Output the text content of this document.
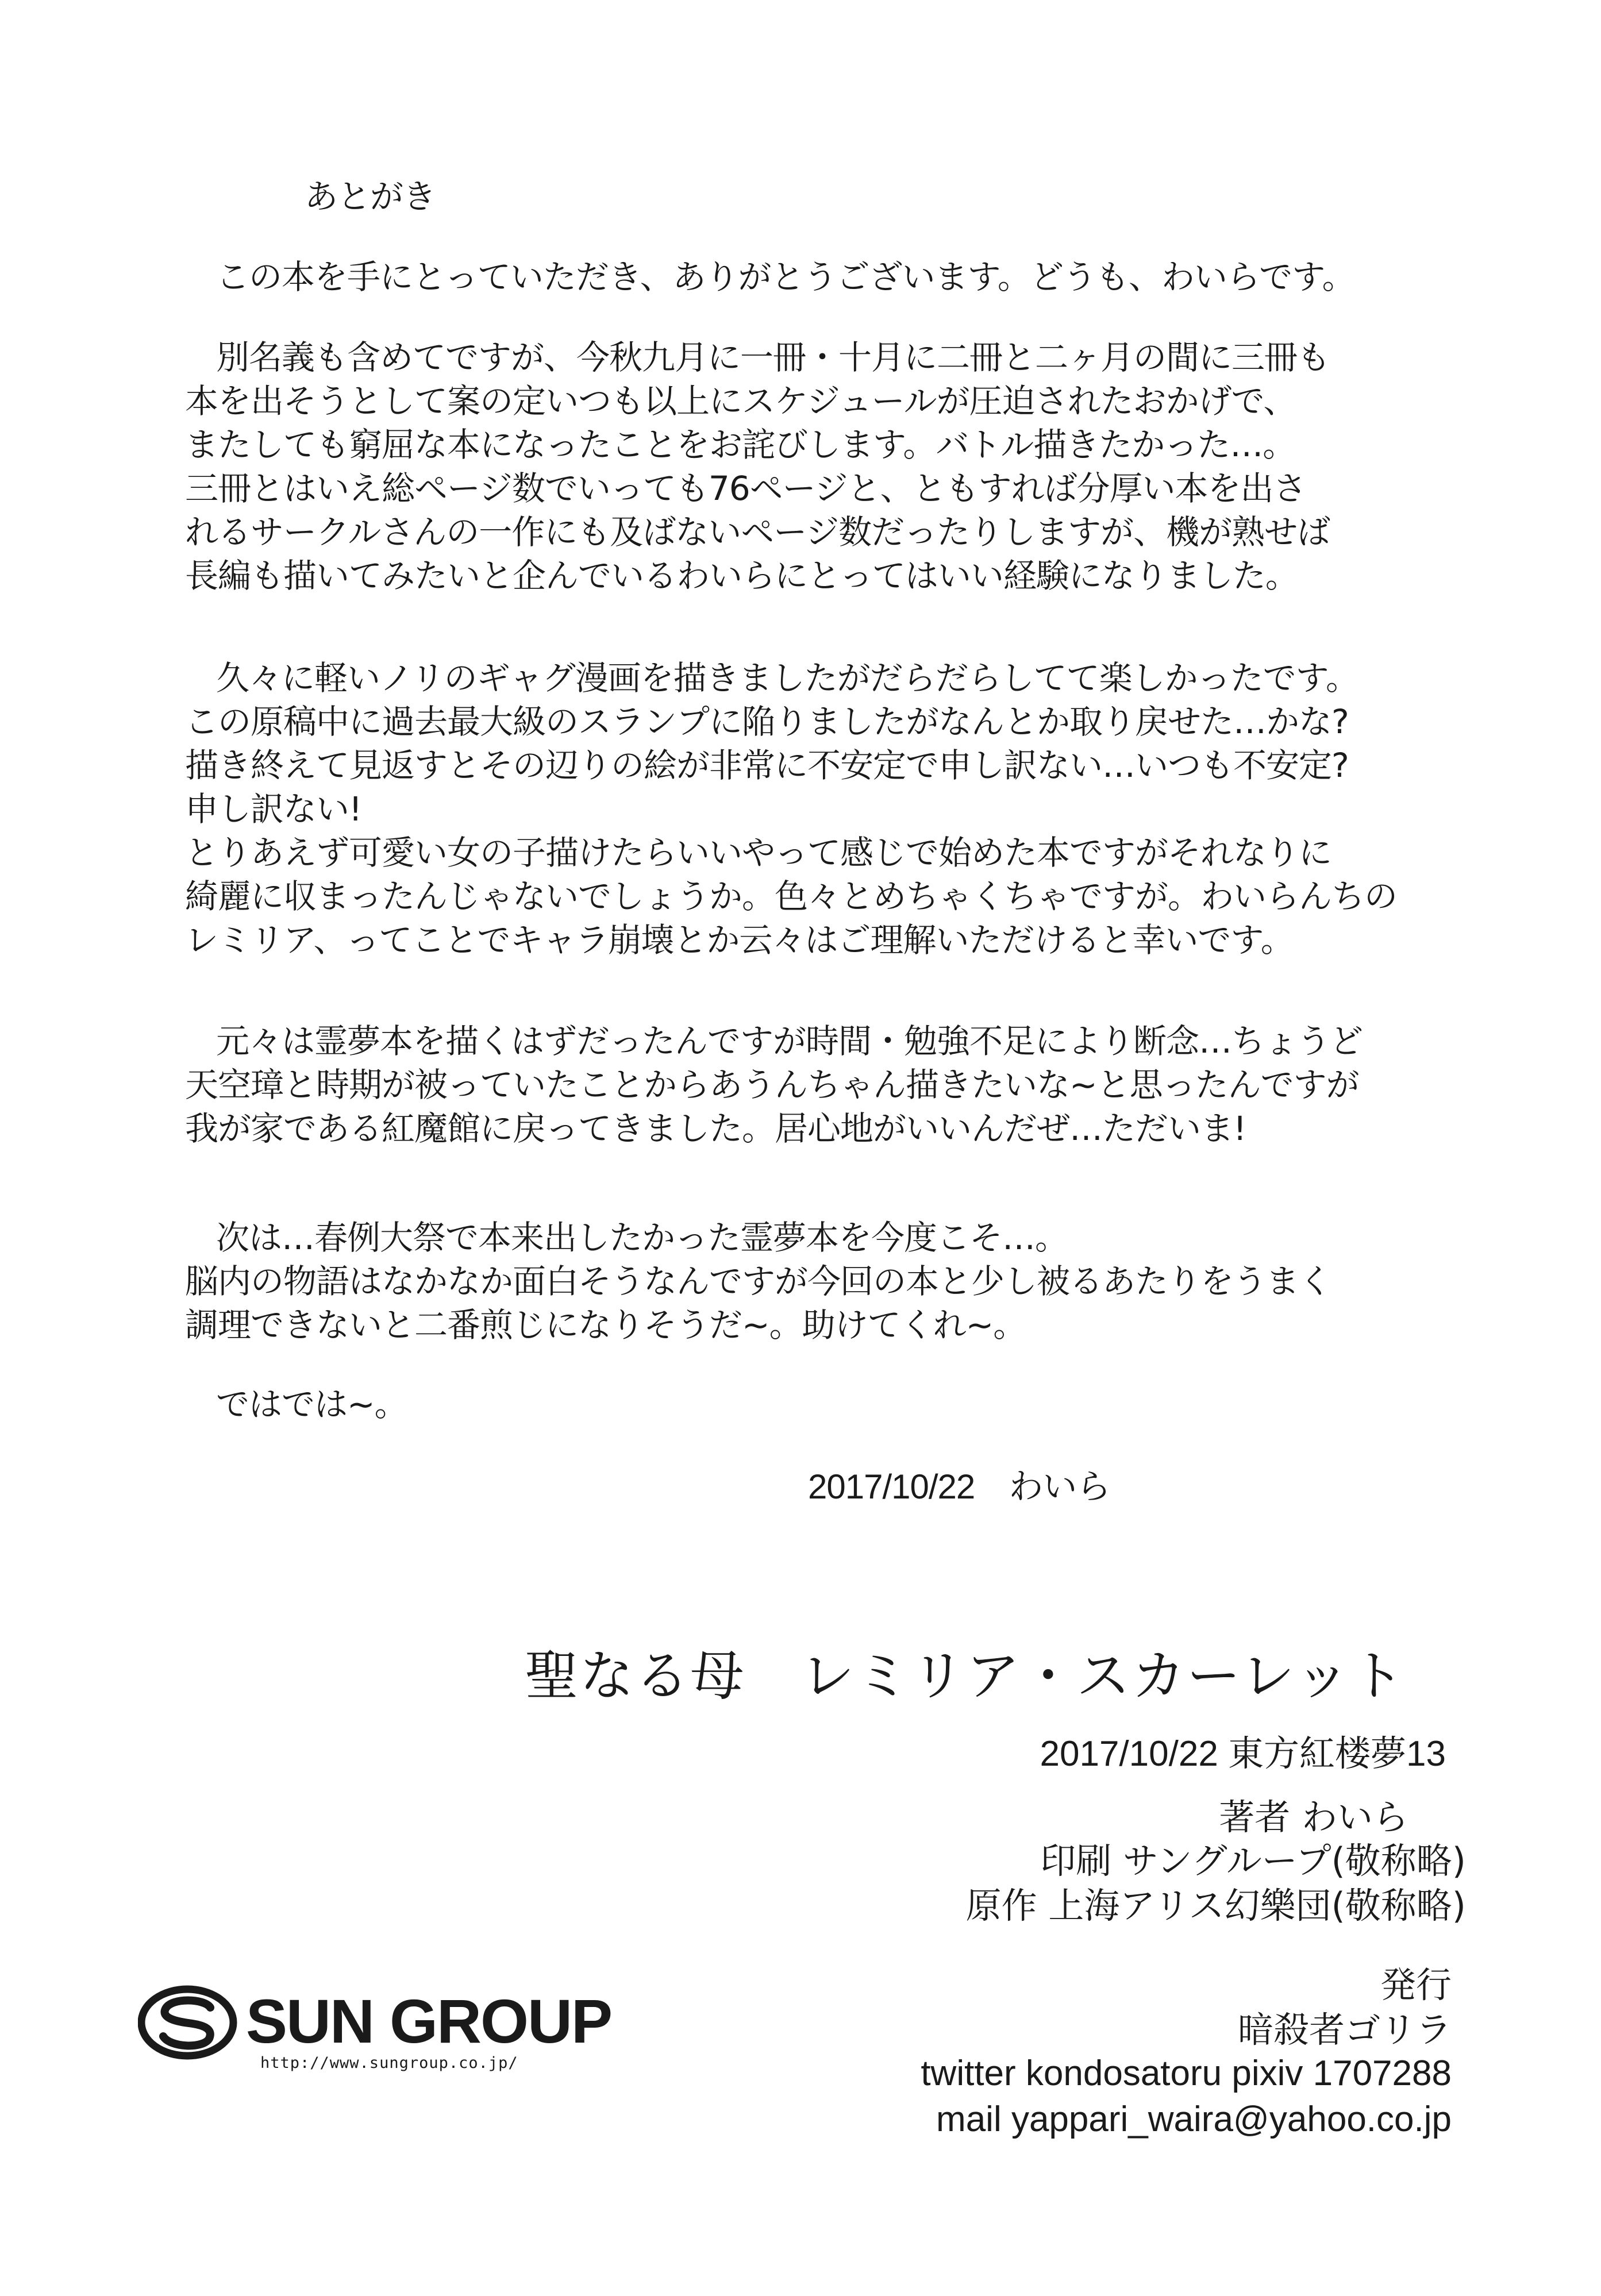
あとがき

この本を手にとっていただき、ありがとうございます。どうも、わいらです。

別名義も含めてですが、今秋九月に一冊・十月に二冊と二ヶ月の間に三冊も

本を出そうとして案の定いつも以上にスケジュールが圧迫されたおかげで、

またしても窮屈な本になったことをお詫びします。バトル描きたかった…。

三冊とはいえ総ページ数でいっても76ページと、ともすれば分厚い本を出さ

れるサークルさんの一作にも及ばないページ数だったりしますが、機が熟せば

長編も描いてみたいと企んでいるわいらにとってはいい経験になりました。

久々に軽いノリのギャグ漫画を描きましたがだらだらしてて楽しかったです。

この原稿中に過去最大級のスランプに陥りましたがなんとか取り戻せた…かな?

描き終えて見返すとその辺りの絵が非常に不安定で申し訳ない…いつも不安定?

申し訳ない!

とりあえず可愛い女の子描けたらいいやって感じで始めた本ですがそれなりに

綺麗に収まったんじゃないでしょうか。色々とめちゃくちゃですが。わいらんちの

レミリア、ってことでキャラ崩壊とか云々はご理解いただけると幸いです。

元々は霊夢本を描くはずだったんですが時間・勉強不足により断念…ちょうど

天空璋と時期が被っていたことからあうんちゃん描きたいな~と思ったんですが

我が家である紅魔館に戻ってきました。居心地がいいんだぜ…ただいま!

次は…春例大祭で本来出したかった霊夢本を今度こそ…。

脳内の物語はなかなか面白そうなんですが今回の本と少し被るあたりをうまく

調理できないと二番煎じになりそうだ~。助けてくれ~。

ではでは~。

2017/10/22　わいら

聖なる母　レミリア・スカーレット

2017/10/22 東方紅楼夢13

著者 わいら

印刷 サングループ(敬称略)

原作 上海アリス幻樂団(敬称略)

発行

暗殺者ゴリラ

twitter kondosatoru pixiv 1707288

mail yappari_waira@yahoo.co.jp

SUN GROUP
http://www.sungroup.co.jp/
